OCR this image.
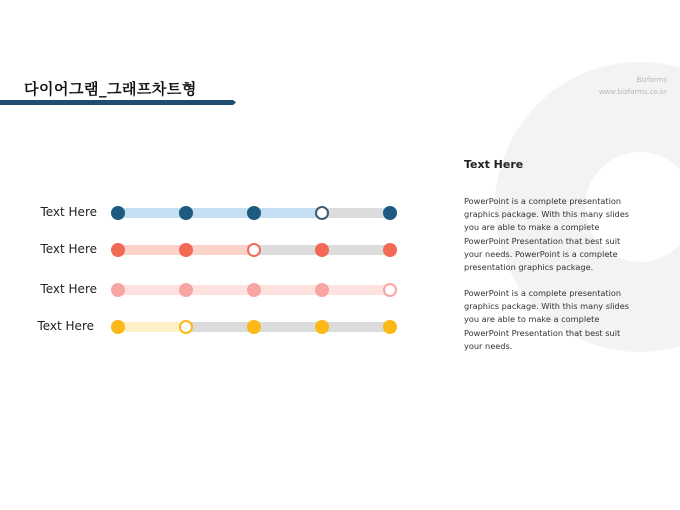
다이어그램_그래프차트형	Bizforms
www.bizforms.co.kr
Text Here
Text Here
Text Here
Text Here
Text Here
PowerPoint is a complete presentation graphics package. With this many slides you are able to make a complete PowerPoint Presentation that best suit your needs. PowerPoint is a complete presentation graphics package.
PowerPoint is a complete presentation graphics package. With this many slides you are able to make a complete PowerPoint Presentation that best suit your needs.
